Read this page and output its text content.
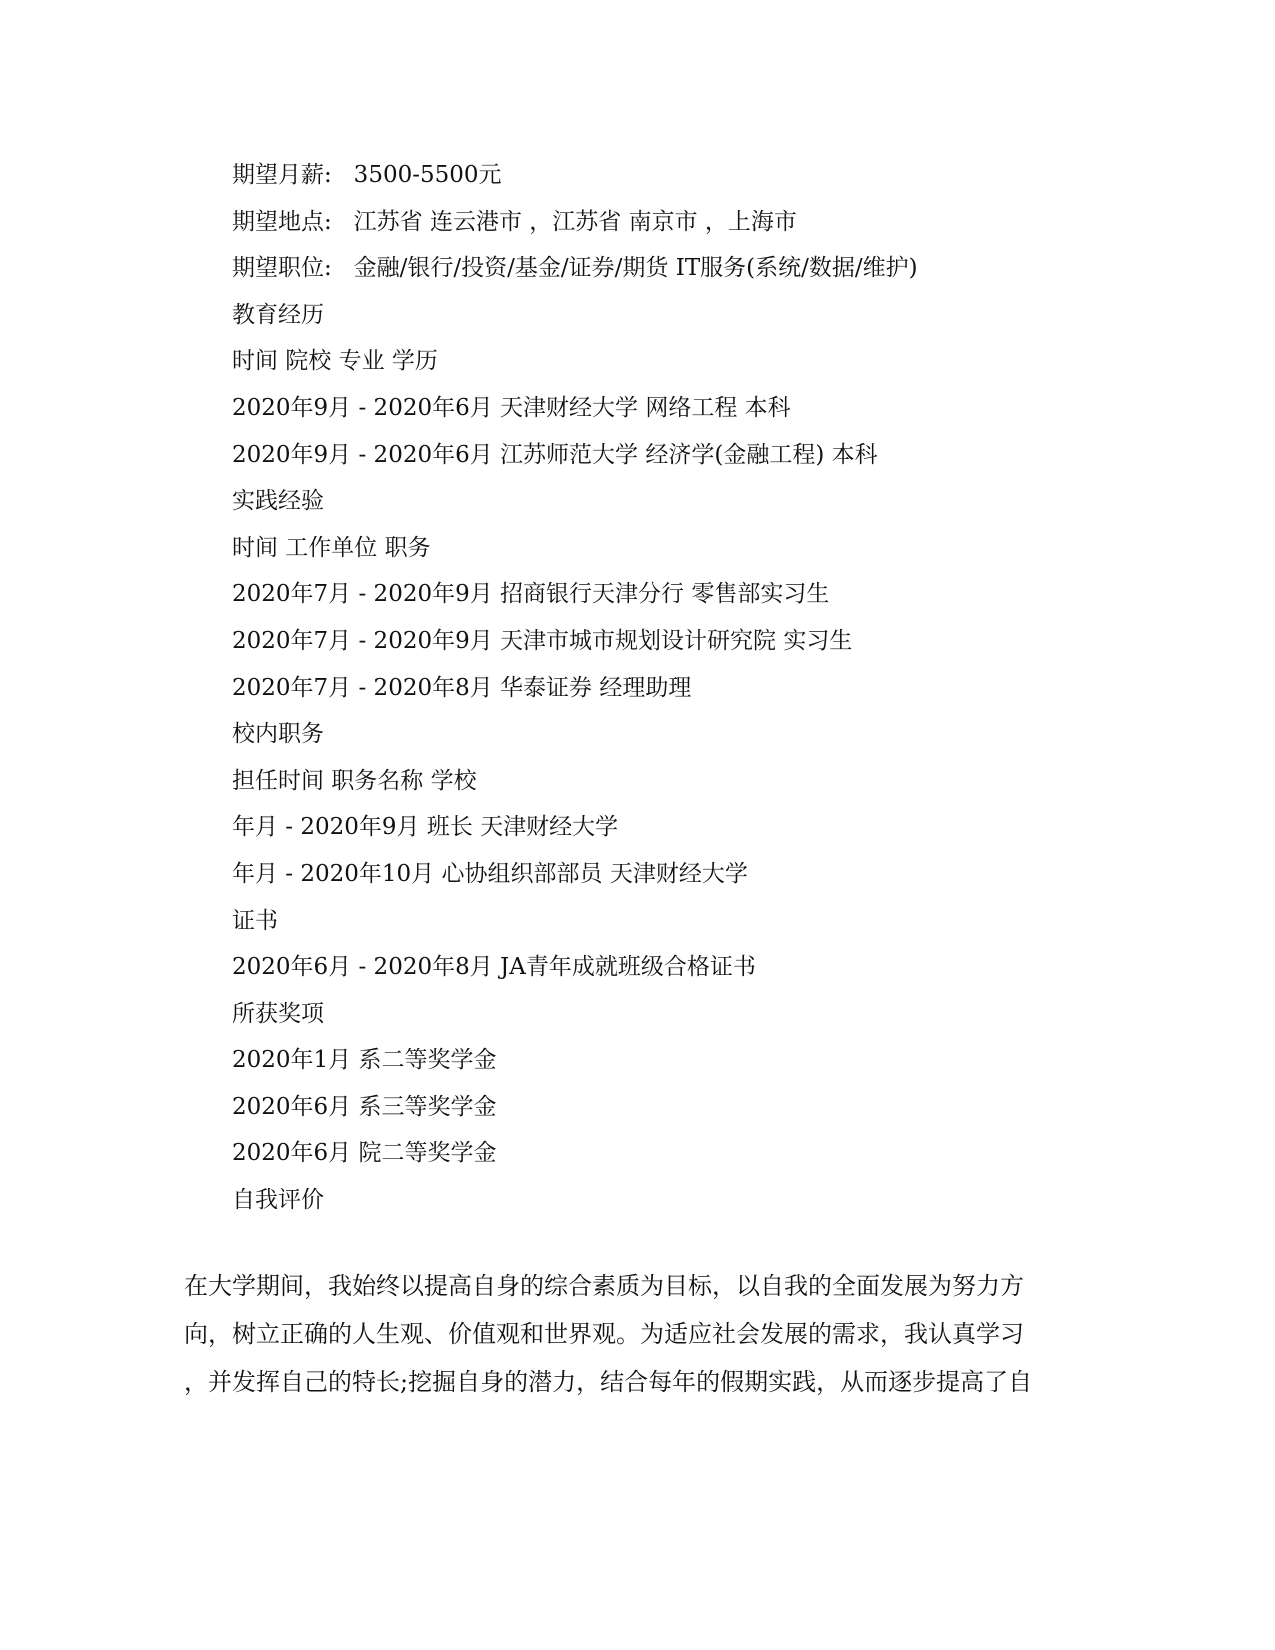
期望月薪:   3500-5500元
期望地点:   江苏省 连云港市 ，江苏省 南京市 ，上海市
期望职位:   金融/银行/投资/基金/证券/期货 IT服务(系统/数据/维护)
教育经历
时间 院校 专业 学历
2020年9月 - 2020年6月 天津财经大学 网络工程 本科
2020年9月 - 2020年6月 江苏师范大学 经济学(金融工程) 本科
实践经验
时间 工作单位 职务
2020年7月 - 2020年9月 招商银行天津分行 零售部实习生
2020年7月 - 2020年9月 天津市城市规划设计研究院 实习生
2020年7月 - 2020年8月 华泰证券 经理助理
校内职务
担任时间 职务名称 学校
年月 - 2020年9月 班长 天津财经大学
年月 - 2020年10月 心协组织部部员 天津财经大学
证书
2020年6月 - 2020年8月 JA青年成就班级合格证书
所获奖项
2020年1月 系二等奖学金
2020年6月 系三等奖学金
2020年6月 院二等奖学金
自我评价
在大学期间，我始终以提高自身的综合素质为目标，以自我的全面发展为努力方
向，树立正确的人生观、价值观和世界观。为适应社会发展的需求，我认真学习
，并发挥自己的特长;挖掘自身的潜力，结合每年的假期实践，从而逐步提高了自
